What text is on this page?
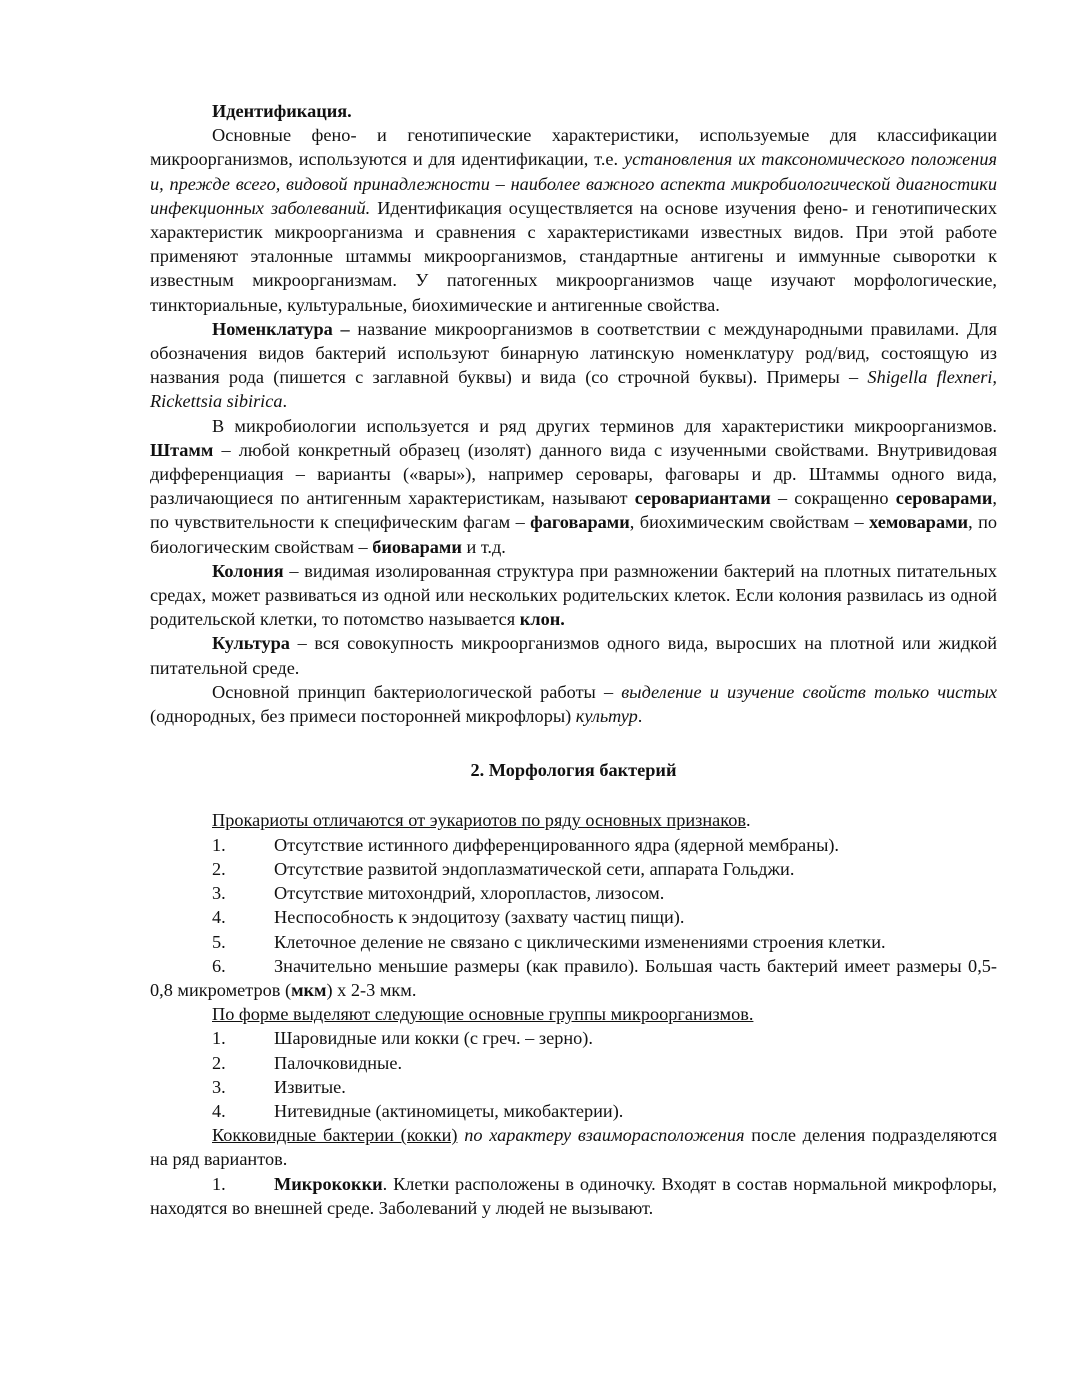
Идентификация.

Основные фено- и генотипические характеристики, используемые для классификации микроорганизмов, используются и для идентификации, т.е. установления их таксономического положения и, прежде всего, видовой принадлежности – наиболее важного аспекта микробиологической диагностики инфекционных заболеваний. Идентификация осуществляется на основе изучения фено- и генотипических характеристик микроорганизма и сравнения с характеристиками известных видов. При этой работе применяют эталонные штаммы микроорганизмов, стандартные антигены и иммунные сыворотки к известным микроорганизмам. У патогенных микроорганизмов чаще изучают морфологические, тинкториальные, культуральные, биохимические и антигенные свойства.

Номенклатура – название микроорганизмов в соответствии с международными правилами. Для обозначения видов бактерий используют бинарную латинскую номенклатуру род/вид, состоящую из названия рода (пишется с заглавной буквы) и вида (со строчной буквы). Примеры – Shigella flexneri, Rickettsia sibirica.

В микробиологии используется и ряд других терминов для характеристики микроорганизмов. Штамм – любой конкретный образец (изолят) данного вида с изученными свойствами. Внутривидовая дифференциация – варианты («вары»), например серовары, фаговары и др. Штаммы одного вида, различающиеся по антигенным характеристикам, называют серовариантами – сокращенно сероварами, по чувствительности к специфическим фагам – фаговарами, биохимическим свойствам – хемоварами, по биологическим свойствам – биоварами и т.д.

Колония – видимая изолированная структура при размножении бактерий на плотных питательных средах, может развиваться из одной или нескольких родительских клеток. Если колония развилась из одной родительской клетки, то потомство называется клон.

Культура – вся совокупность микроорганизмов одного вида, выросших на плотной или жидкой питательной среде.

Основной принцип бактериологической работы – выделение и изучение свойств только чистых (однородных, без примеси посторонней микрофлоры) культур.

2. Морфология бактерий

Прокариоты отличаются от эукариотов по ряду основных признаков.

1.	Отсутствие истинного дифференцированного ядра (ядерной мембраны).

2.	Отсутствие развитой эндоплазматической сети, аппарата Гольджи.

3.	Отсутствие митохондрий, хлоропластов, лизосом.

4.	Неспособность к эндоцитозу (захвату частиц пищи).

5.	Клеточное деление не связано с циклическими изменениями строения клетки.

6.	Значительно меньшие размеры (как правило). Большая часть бактерий имеет размеры 0,5-0,8 микрометров (мкм) х 2-3 мкм.

По форме выделяют следующие основные группы микроорганизмов.

1.	Шаровидные или кокки (с греч. – зерно).

2.	Палочковидные.

3.	Извитые.

4.	Нитевидные (актиномицеты, микобактерии).

Кокковидные бактерии (кокки) по характеру взаиморасположения после деления подразделяются на ряд вариантов.

1.	Микрококки. Клетки расположены в одиночку. Входят в состав нормальной микрофлоры, находятся во внешней среде. Заболеваний у людей не вызывают.
